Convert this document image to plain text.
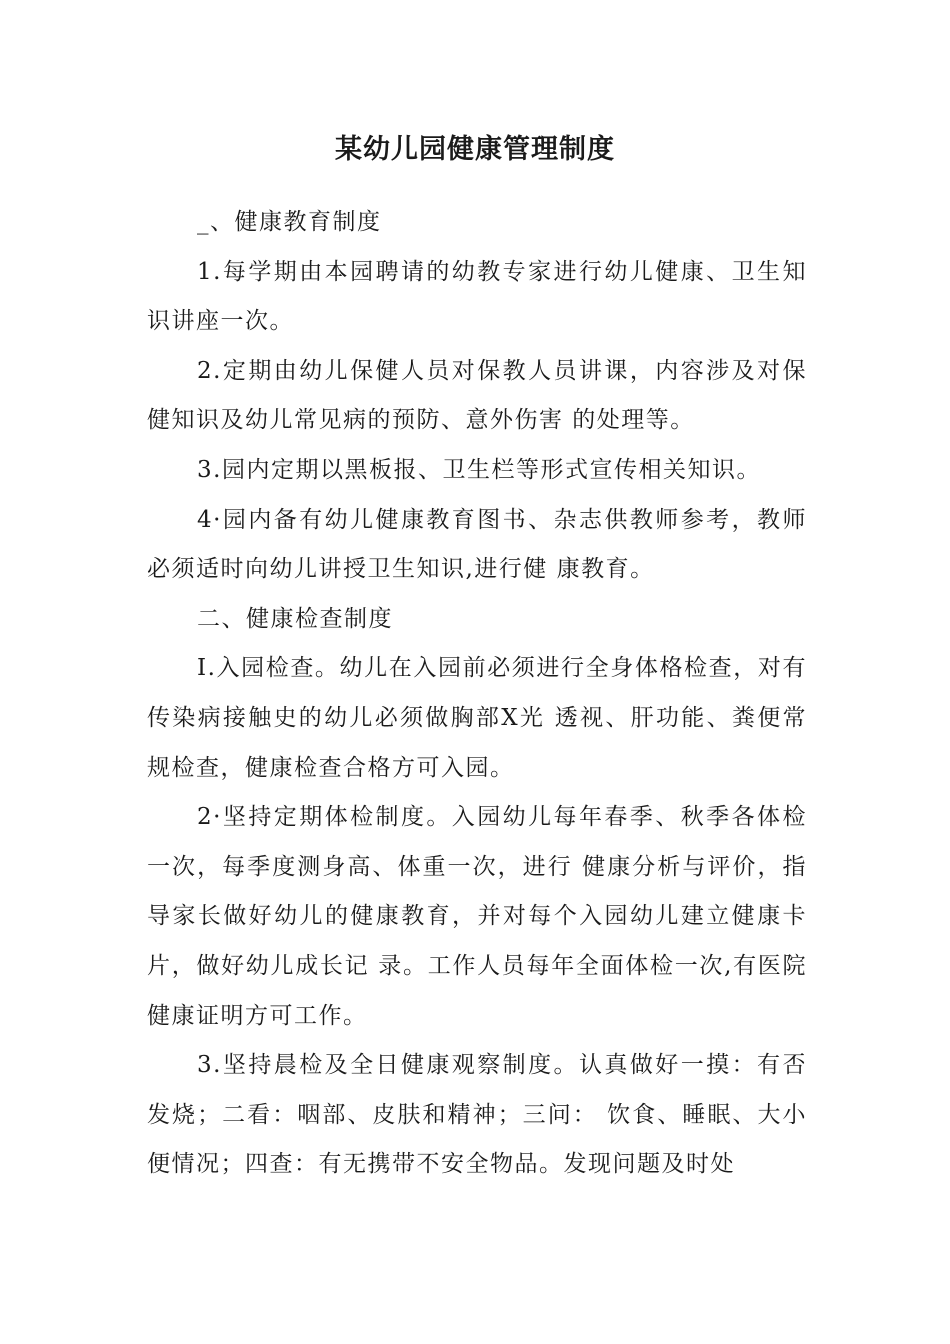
某幼儿园健康管理制度

_、健康教育制度

1.每学期由本园聘请的幼教专家进行幼儿健康、卫生知识讲座一次。

2.定期由幼儿保健人员对保教人员讲课，内容涉及对保健知识及幼儿常见病的预防、意外伤害 的处理等。

3.园内定期以黑板报、卫生栏等形式宣传相关知识。

4·园内备有幼儿健康教育图书、杂志供教师参考，教师必须适时向幼儿讲授卫生知识,进行健 康教育。

二、健康检查制度

I.入园检查。幼儿在入园前必须进行全身体格检查，对有传染病接触史的幼儿必须做胸部X光 透视、肝功能、粪便常规检查，健康检查合格方可入园。

2·坚持定期体检制度。入园幼儿每年春季、秋季各体检一次，每季度测身高、体重一次，进行 健康分析与评价，指导家长做好幼儿的健康教育，并对每个入园幼儿建立健康卡片，做好幼儿成长记 录。工作人员每年全面体检一次,有医院健康证明方可工作。

3.坚持晨检及全日健康观察制度。认真做好一摸：有否发烧；二看：咽部、皮肤和精神；三问： 饮食、睡眠、大小便情况；四查：有无携带不安全物品。发现问题及时处
